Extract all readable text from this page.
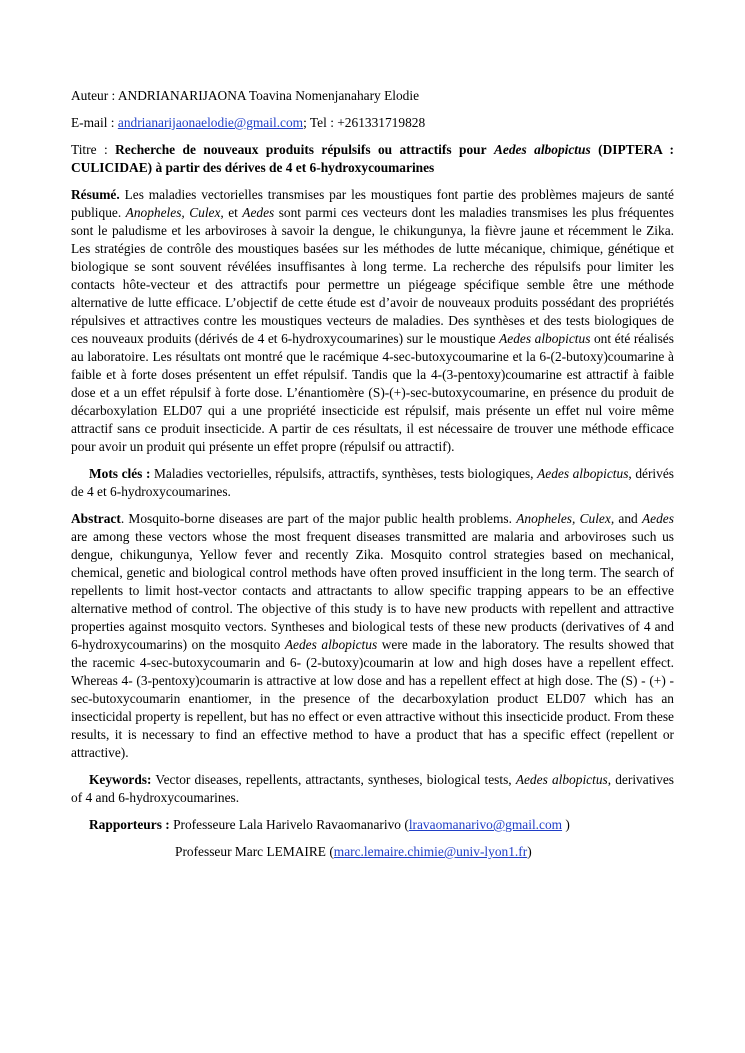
Auteur : ANDRIANARIJAONA Toavina Nomenjanahary Elodie

E-mail : andrianarijaonaelodie@gmail.com; Tel : +261331719828

Titre : Recherche de nouveaux produits répulsifs ou attractifs pour Aedes albopictus (DIPTERA : CULICIDAE) à partir des dérives de 4 et 6-hydroxycoumarines

Résumé. Les maladies vectorielles transmises par les moustiques font partie des problèmes majeurs de santé publique. Anopheles, Culex, et Aedes sont parmi ces vecteurs dont les maladies transmises les plus fréquentes sont le paludisme et les arboviroses à savoir la dengue, le chikungunya, la fièvre jaune et récemment le Zika. Les stratégies de contrôle des moustiques basées sur les méthodes de lutte mécanique, chimique, génétique et biologique se sont souvent révélées insuffisantes à long terme. La recherche des répulsifs pour limiter les contacts hôte-vecteur et des attractifs pour permettre un piégeage spécifique semble être une méthode alternative de lutte efficace. L’objectif de cette étude est d’avoir de nouveaux produits possédant des propriétés répulsives et attractives contre les moustiques vecteurs de maladies. Des synthèses et des tests biologiques de ces nouveaux produits (dérivés de 4 et 6-hydroxycoumarines) sur le moustique Aedes albopictus ont été réalisés au laboratoire. Les résultats ont montré que le racémique 4-sec-butoxycoumarine et la 6-(2-butoxy)coumarine à faible et à forte doses présentent un effet répulsif. Tandis que la 4-(3-pentoxy)coumarine est attractif à faible dose et a un effet répulsif à forte dose. L’énantiomère (S)-(+)-sec-butoxycoumarine, en présence du produit de décarboxylation ELD07 qui a une propriété insecticide est répulsif, mais présente un effet nul voire même attractif sans ce produit insecticide. A partir de ces résultats, il est nécessaire de trouver une méthode efficace pour avoir un produit qui présente un effet propre (répulsif ou attractif).

Mots clés : Maladies vectorielles, répulsifs, attractifs, synthèses, tests biologiques, Aedes albopictus, dérivés de 4 et 6-hydroxycoumarines.

Abstract. Mosquito-borne diseases are part of the major public health problems. Anopheles, Culex, and Aedes are among these vectors whose the most frequent diseases transmitted are malaria and arboviroses such us dengue, chikungunya, Yellow fever and recently Zika. Mosquito control strategies based on mechanical, chemical, genetic and biological control methods have often proved insufficient in the long term. The search of repellents to limit host-vector contacts and attractants to allow specific trapping appears to be an effective alternative method of control. The objective of this study is to have new products with repellent and attractive properties against mosquito vectors. Syntheses and biological tests of these new products (derivatives of 4 and 6-hydroxycoumarins) on the mosquito Aedes albopictus were made in the laboratory. The results showed that the racemic 4-sec-butoxycoumarin and 6- (2-butoxy)coumarin at low and high doses have a repellent effect. Whereas 4- (3-pentoxy)coumarin is attractive at low dose and has a repellent effect at high dose. The (S) - (+) - sec-butoxycoumarin enantiomer, in the presence of the decarboxylation product ELD07 which has an insecticidal property is repellent, but has no effect or even attractive without this insecticide product. From these results, it is necessary to find an effective method to have a product that has a specific effect (repellent or attractive).

Keywords: Vector diseases, repellents, attractants, syntheses, biological tests, Aedes albopictus, derivatives of 4 and 6-hydroxycoumarines.

Rapporteurs : Professeure Lala Harivelo Ravaomanarivo (lravaomanarivo@gmail.com )

Professeur Marc LEMAIRE (marc.lemaire.chimie@univ-lyon1.fr)
